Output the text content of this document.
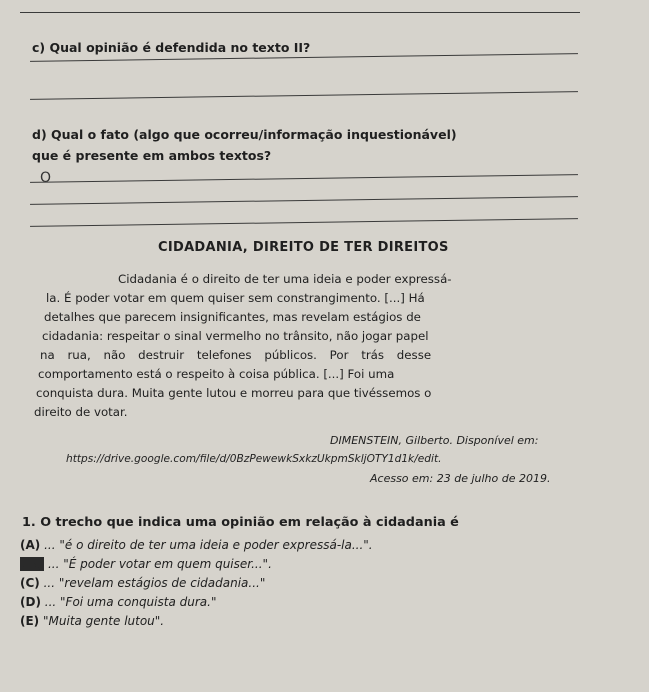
c) Qual opinião é defendida no texto II?
d) Qual o fato (algo que ocorreu/informação inquestionável)
que é presente em ambos textos?
O
CIDADANIA, DIREITO DE TER DIREITOS
Cidadania é o direito de ter uma ideia e poder expressá-
la. É poder votar em quem quiser sem constrangimento. [...] Há
detalhes que parecem insignificantes, mas revelam estágios de
cidadania: respeitar o sinal vermelho no trânsito, não jogar papel
na rua, não destruir telefones públicos. Por trás desse
comportamento está o respeito à coisa pública. [...] Foi uma
conquista dura. Muita gente lutou e morreu para que tivéssemos o
direito de votar.
DIMENSTEIN, Gilberto. Disponível em:
https://drive.google.com/file/d/0BzPewewkSxkzUkpmSkljOTY1d1k/edit.
Acesso em: 23 de julho de 2019.
1. O trecho que indica uma opinião em relação à cidadania é
(A) ... "é o direito de ter uma ideia e poder expressá-la...".
(B) ... "É poder votar em quem quiser...".
(C) ... "revelam estágios de cidadania..."
(D) ... "Foi uma conquista dura."
(E) "Muita gente lutou".
